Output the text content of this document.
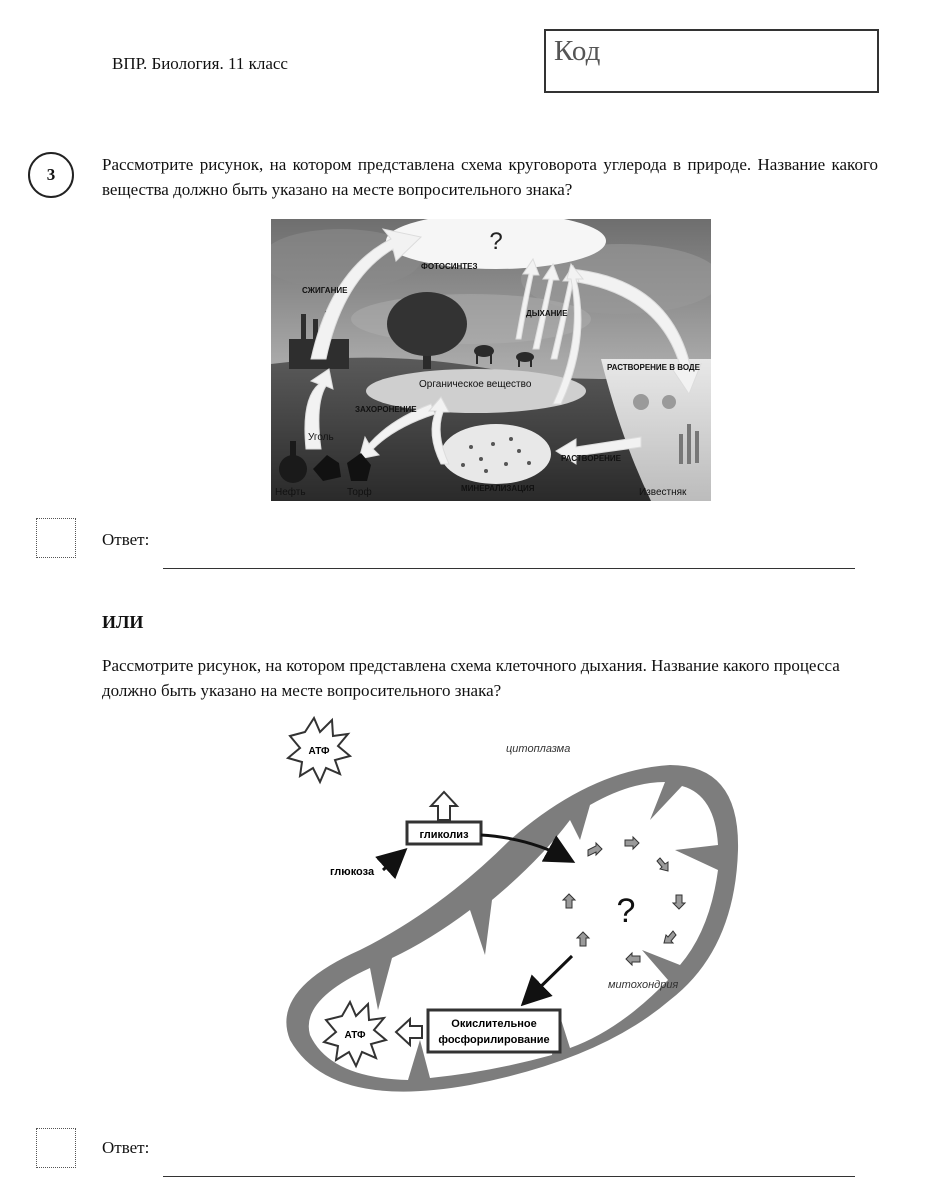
ВПР. Биология. 11 класс	Код
3
Рассмотрите рисунок, на котором представлена схема круговорота углерода в природе. Название какого вещества должно быть указано на месте вопросительного знака?
?
ФОТОСИНТЕЗ
СЖИГАНИЕ
ДЫХАНИЕ
РАСТВОРЕНИЕ В ВОДЕ
ЗАХОРОНЕНИЕ
МИНЕРАЛИЗАЦИЯ
РАСТВОРЕНИЕ
Органическое вещество
Уголь
Нефть	Торф	Известняк
Ответ:
ИЛИ
Рассмотрите рисунок, на котором представлена схема клеточного дыхания. Название какого процесса должно быть указано на месте вопросительного знака?
АТФ
гликолиз
цитоплазма
глюкоза
?
митохондрия
Окислительное
фосфорилирование
АТФ
Ответ:
